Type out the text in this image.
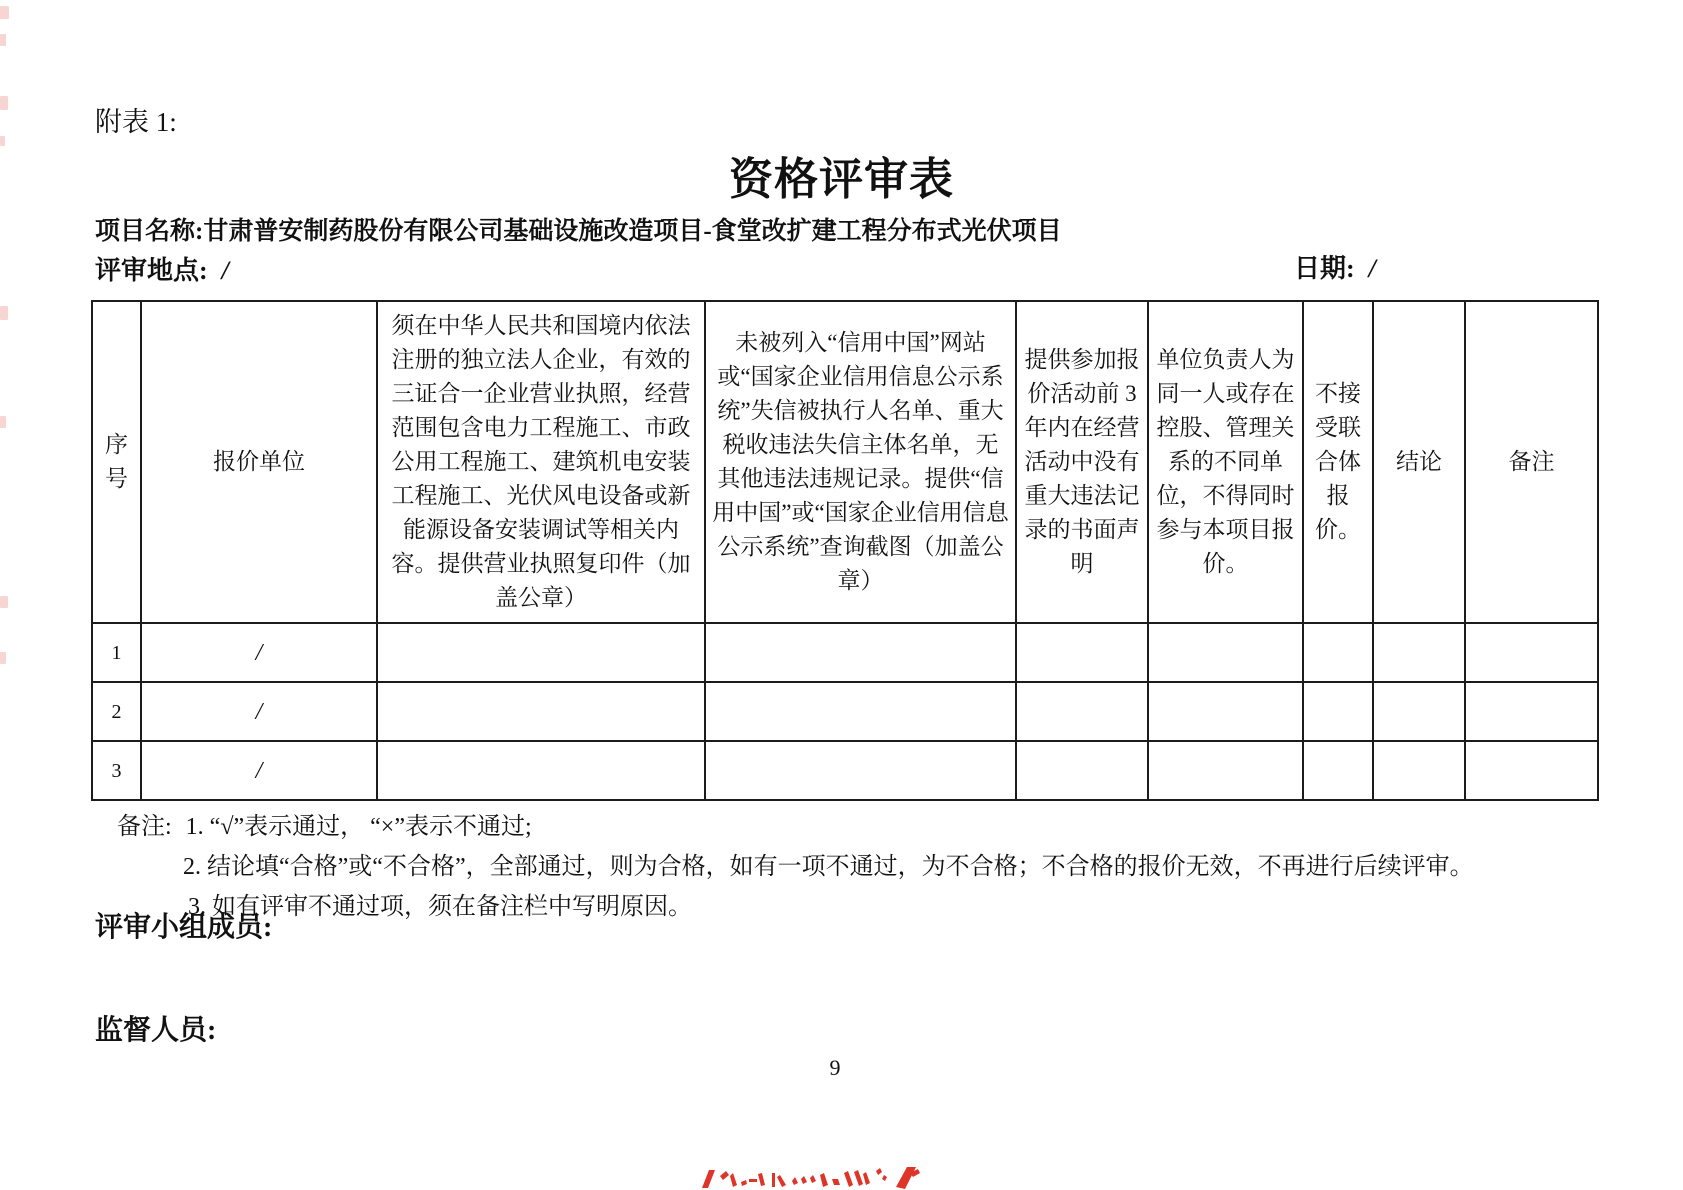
附表 1:
资格评审表
项目名称:甘肃普安制药股份有限公司基础设施改造项目-食堂改扩建工程分布式光伏项目
评审地点: /	日期: /
序号	报价单位	须在中华人民共和国境内依法注册的独立法人企业，有效的三证合一企业营业执照，经营范围包含电力工程施工、市政公用工程施工、建筑机电安装工程施工、光伏风电设备或新能源设备安装调试等相关内容。提供营业执照复印件（加盖公章）	未被列入“信用中国”网站或“国家企业信用信息公示系统”失信被执行人名单、重大税收违法失信主体名单，无其他违法违规记录。提供“信用中国”或“国家企业信用信息公示系统”查询截图（加盖公章）	提供参加报价活动前 3 年内在经营活动中没有重大违法记录的书面声明	单位负责人为同一人或存在控股、管理关系的不同单位，不得同时参与本项目报价。	不接受联合体报价。	结论	备注
1	/							
2	/							
3	/							
备注: 1. “√”表示通过， “×”表示不通过;
2. 结论填“合格”或“不合格”，全部通过，则为合格，如有一项不通过，为不合格；不合格的报价无效，不再进行后续评审。
3. 如有评审不通过项，须在备注栏中写明原因。
评审小组成员:
监督人员:
9
